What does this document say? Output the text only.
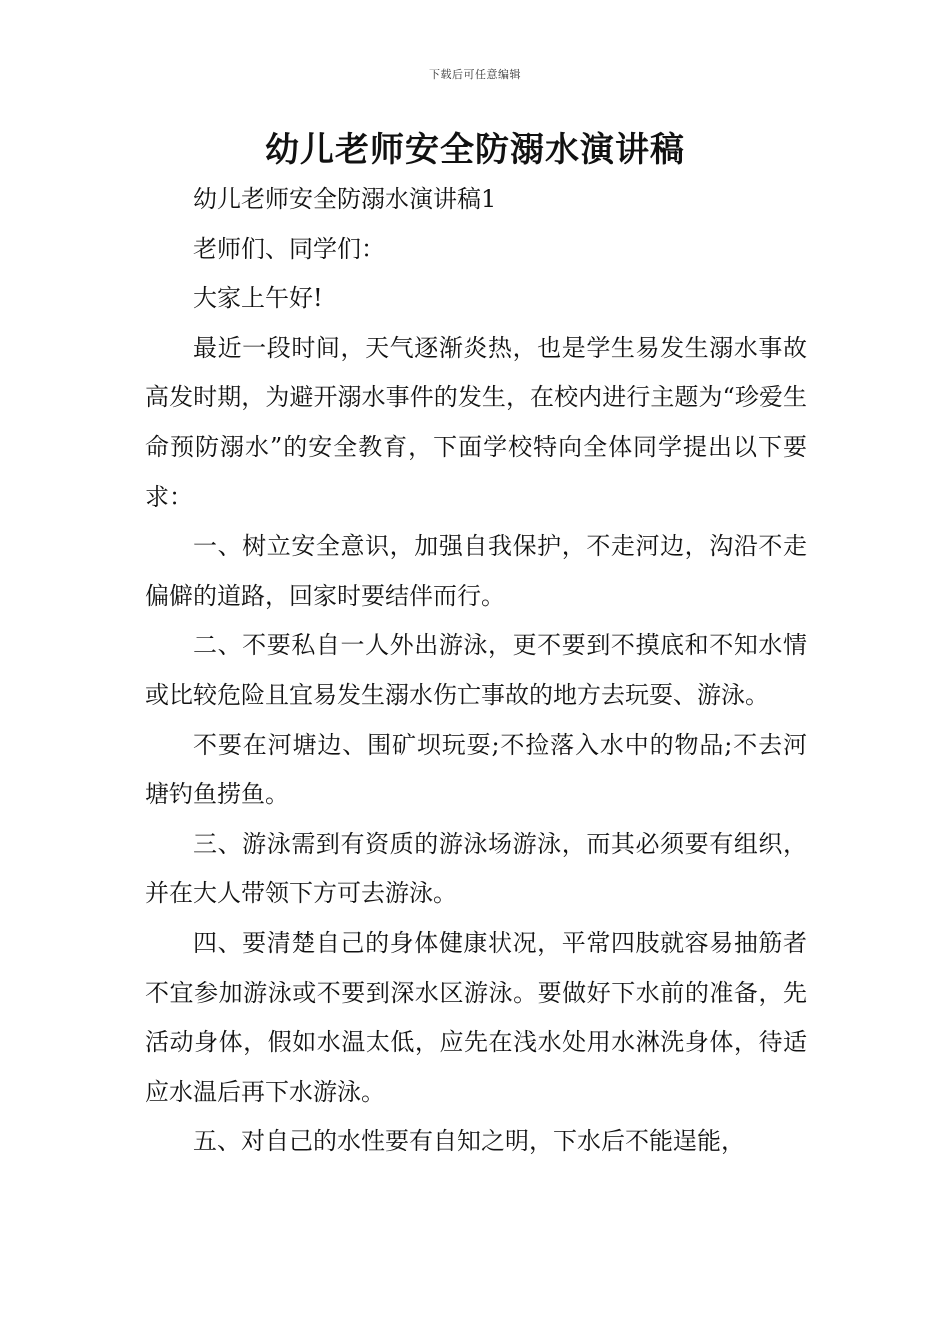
下载后可任意编辑
幼儿老师安全防溺水演讲稿

幼儿老师安全防溺水演讲稿1

老师们、同学们：

大家上午好!

最近一段时间，天气逐渐炎热，也是学生易发生溺水事故高发时期，为避开溺水事件的发生，在校内进行主题为“珍爱生命预防溺水”的安全教育，下面学校特向全体同学提出以下要求：

一、树立安全意识，加强自我保护，不走河边，沟沿不走偏僻的道路，回家时要结伴而行。

二、不要私自一人外出游泳，更不要到不摸底和不知水情或比较危险且宜易发生溺水伤亡事故的地方去玩耍、游泳。

不要在河塘边、围矿坝玩耍;不捡落入水中的物品;不去河塘钓鱼捞鱼。

三、游泳需到有资质的游泳场游泳，而其必须要有组织，并在大人带领下方可去游泳。

四、要清楚自己的身体健康状况，平常四肢就容易抽筋者不宜参加游泳或不要到深水区游泳。要做好下水前的准备，先活动身体，假如水温太低，应先在浅水处用水淋洗身体，待适应水温后再下水游泳。

五、对自己的水性要有自知之明，下水后不能逞能，
